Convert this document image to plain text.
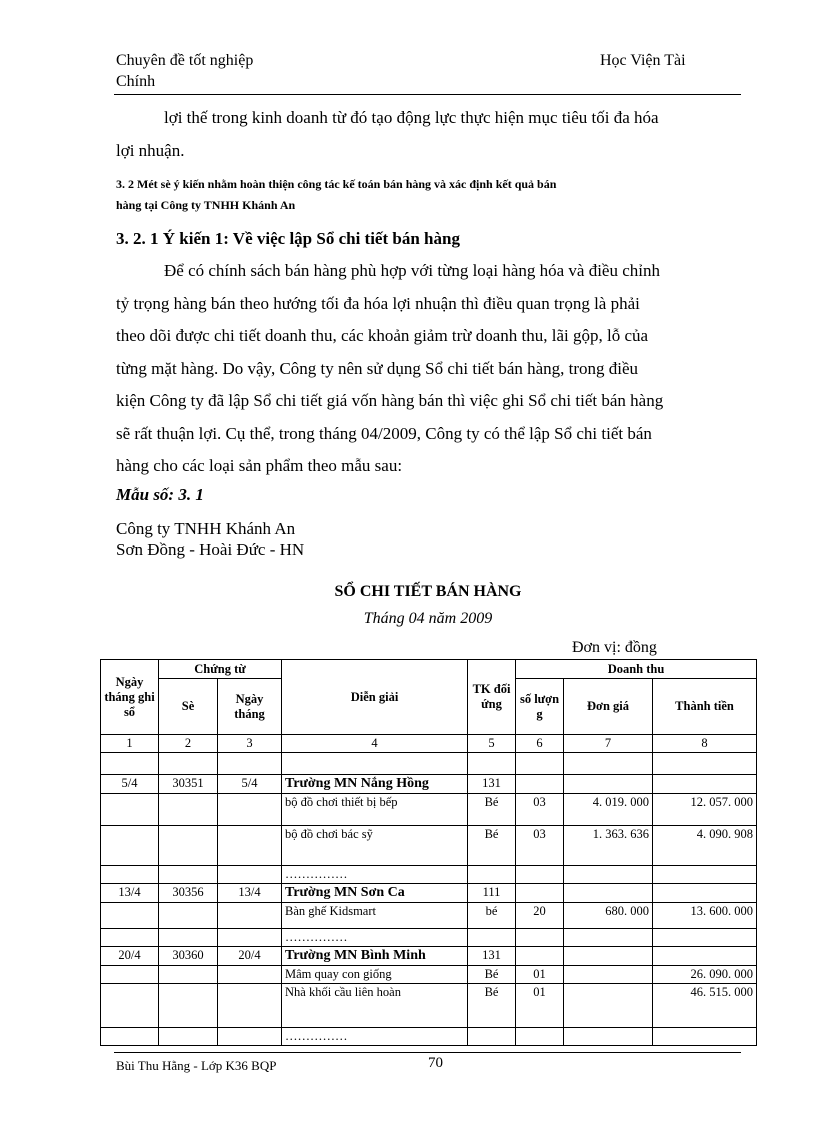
Chuyên đề tốt nghiệp
Chính
Học Viện Tài
lợi thế trong kinh doanh từ đó tạo động lực thực hiện mục tiêu tối đa hóa
lợi nhuận.
3. 2 Mét sè ý kiến nhằm hoàn thiện công tác kế toán bán hàng và xác định kết quả bán
hàng tại Công ty TNHH Khánh An
3. 2. 1 Ý kiến 1: Về việc lập Sổ chi tiết bán hàng
Để có chính sách bán hàng phù hợp với từng loại hàng hóa và điều chỉnh
tỷ trọng hàng bán theo hướng tối đa hóa lợi nhuận thì điều quan trọng là phải
theo dõi được chi tiết doanh thu, các khoản giảm trừ doanh thu, lãi gộp, lỗ của
từng mặt hàng. Do vậy, Công ty nên sử dụng Sổ chi tiết bán hàng, trong điều
kiện Công ty đã lập Sổ chi tiết giá vốn hàng bán thì việc ghi Sổ chi tiết bán hàng
sẽ rất thuận lợi. Cụ thể, trong tháng 04/2009, Công ty có thể lập Sổ chi tiết bán
hàng cho các loại sản phẩm theo mẫu sau:
Mẫu số: 3. 1
Công ty TNHH Khánh An
Sơn Đồng - Hoài Đức - HN
SỔ CHI TIẾT BÁN HÀNG
Tháng 04 năm 2009
Đơn vị: đồng
Ngày tháng ghi sổ	Chứng từ		Diễn giải	TK đối ứng	Doanh thu		
	Sè	Ngày tháng			số lượn g	Đơn giá	Thành tiền
1	2	3	4	5	6	7	8

5/4	30351	5/4	Trường MN Nắng Hồng	131			
			bộ đồ chơi thiết bị bếp	Bé	03	4. 019. 000	12. 057. 000
			bộ đồ chơi bác sỹ	Bé	03	1. 363. 636	4. 090. 908
			……………				
13/4	30356	13/4	Trường MN Sơn Ca	111			
			Bàn ghế Kidsmart	bé	20	680. 000	13. 600. 000
			……………				
20/4	30360	20/4	Trường MN Bình Minh	131			
			Mâm quay con giống	Bé	01		26. 090. 000
			Nhà khối cầu liên hoàn	Bé	01		46. 515. 000
			……………				
Bùi Thu Hằng - Lớp K36 BQP	70
